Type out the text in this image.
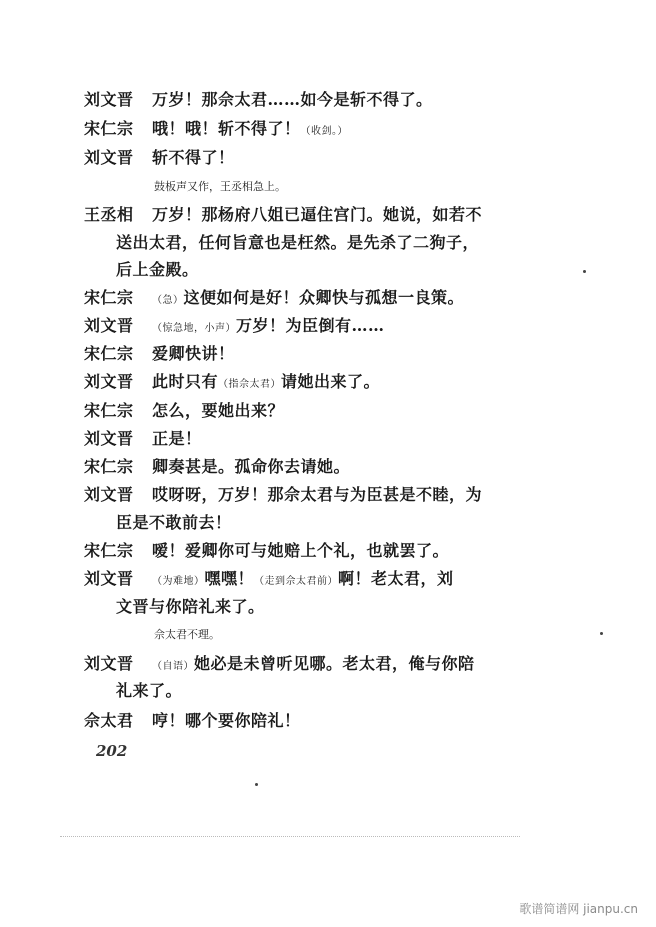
刘文晋 万岁！那佘太君……如今是斩不得了。
宋仁宗 哦！哦！斩不得了！（收剑。）
刘文晋 斩不得了！
鼓板声又作，王丞相急上。
王丞相 万岁！那杨府八姐已逼住宫门。她说，如若不
送出太君，任何旨意也是枉然。是先杀了二狗子，
后上金殿。
宋仁宗 （急）这便如何是好！众卿快与孤想一良策。
刘文晋 （惊急地，小声）万岁！为臣倒有……
宋仁宗 爱卿快讲！
刘文晋 此时只有（指佘太君）请她出来了。
宋仁宗 怎么，要她出来？
刘文晋 正是！
宋仁宗 卿奏甚是。孤命你去请她。
刘文晋 哎呀呀，万岁！那佘太君与为臣甚是不睦，为
臣是不敢前去！
宋仁宗 嗳！爱卿你可与她赔上个礼，也就罢了。
刘文晋 （为难地）嘿嘿！（走到佘太君前）啊！老太君，刘
文晋与你陪礼来了。
佘太君不理。
刘文晋 （自语）她必是未曾听见哪。老太君，俺与你陪
礼来了。
佘太君 哼！哪个要你陪礼！
202
歌谱简谱网 jianpu.cn
